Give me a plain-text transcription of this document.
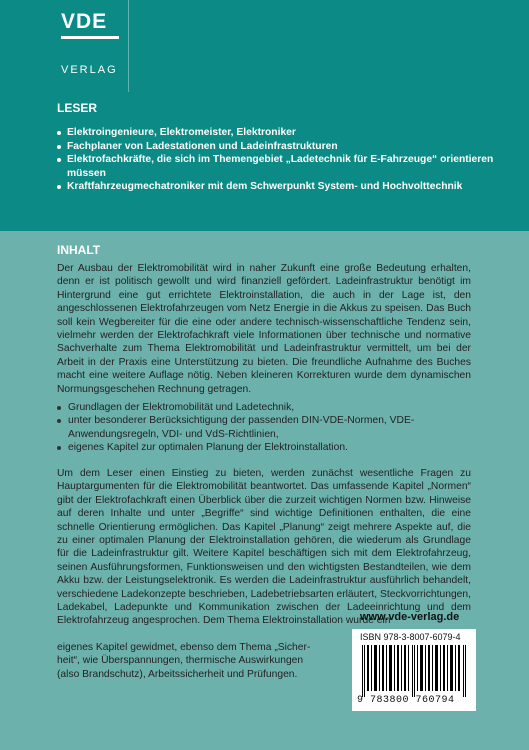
VDE
VERLAG
LESER
Elektroingenieure, Elektromeister, Elektroniker
Fachplaner von Ladestationen und Ladeinfrastrukturen
Elektrofachkräfte, die sich im Themengebiet „Ladetechnik für E-Fahrzeuge“ orientieren müssen
Kraftfahrzeugmechatroniker mit dem Schwerpunkt System- und Hochvolttechnik
INHALT

Der Ausbau der Elektromobilität wird in naher Zukunft eine große Bedeutung erhalten, denn er ist politisch gewollt und wird finanziell gefördert. Ladeinfrastruktur benötigt im Hintergrund eine gut errichtete Elektroinstallation, die auch in der Lage ist, den angeschlossenen Elektrofahrzeugen vom Netz Energie in die Akkus zu speisen. Das Buch soll kein Wegbereiter für die eine oder andere technisch-wissenschaftliche Tendenz sein, vielmehr werden der Elektrofachkraft viele Informationen über technische und normative Sachverhalte zum Thema Elektromobilität und Ladeinfrastruktur vermittelt, um bei der Arbeit in der Praxis eine Unterstützung zu bieten. Die freundliche Aufnahme des Buches macht eine weitere Auflage nötig. Neben kleineren Korrekturen wurde dem dynamischen Normungsgeschehen Rechnung getragen.

Grundlagen der Elektromobilität und Ladetechnik,
unter besonderer Berücksichtigung der passenden DIN-VDE-Normen, VDE-Anwendungsregeln, VDI- und VdS-Richtlinien,
eigenes Kapitel zur optimalen Planung der Elektroinstallation.

Um dem Leser einen Einstieg zu bieten, werden zunächst wesentliche Fragen zu Hauptargumenten für die Elektromobilität beantwortet. Das umfassende Kapitel „Normen“ gibt der Elektrofachkraft einen Überblick über die zurzeit wichtigen Normen bzw. Hinweise auf deren Inhalte und unter „Begriffe“ sind wichtige Definitionen enthalten, die eine schnelle Orientierung ermöglichen. Das Kapitel „Planung“ zeigt mehrere Aspekte auf, die zu einer optimalen Planung der Elektroinstallation gehören, die wiederum als Grundlage für die Ladeinfrastruktur gilt. Weitere Kapitel beschäftigen sich mit dem Elektrofahrzeug, seinen Ausführungsformen, Funktionsweisen und den wichtigsten Bestandteilen, wie dem Akku bzw. der Leistungselektronik. Es werden die Ladeinfrastruktur ausführlich behandelt, verschiedene Ladekonzepte beschrieben, Ladebetriebsarten erläutert, Steckvorrichtungen, Ladekabel, Ladepunkte und Kommunikation zwischen der Ladeeinrichtung und dem Elektrofahrzeug angesprochen. Dem Thema Elektroinstallation wurde ein

eigenes Kapitel gewidmet, ebenso dem Thema „Sicher-
heit“, wie Überspannungen, thermische Auswirkungen
(also Brandschutz), Arbeitssicherheit und Prüfungen.
www.vde-verlag.de
ISBN 978-3-8007-6079-4
9 783800 760794
